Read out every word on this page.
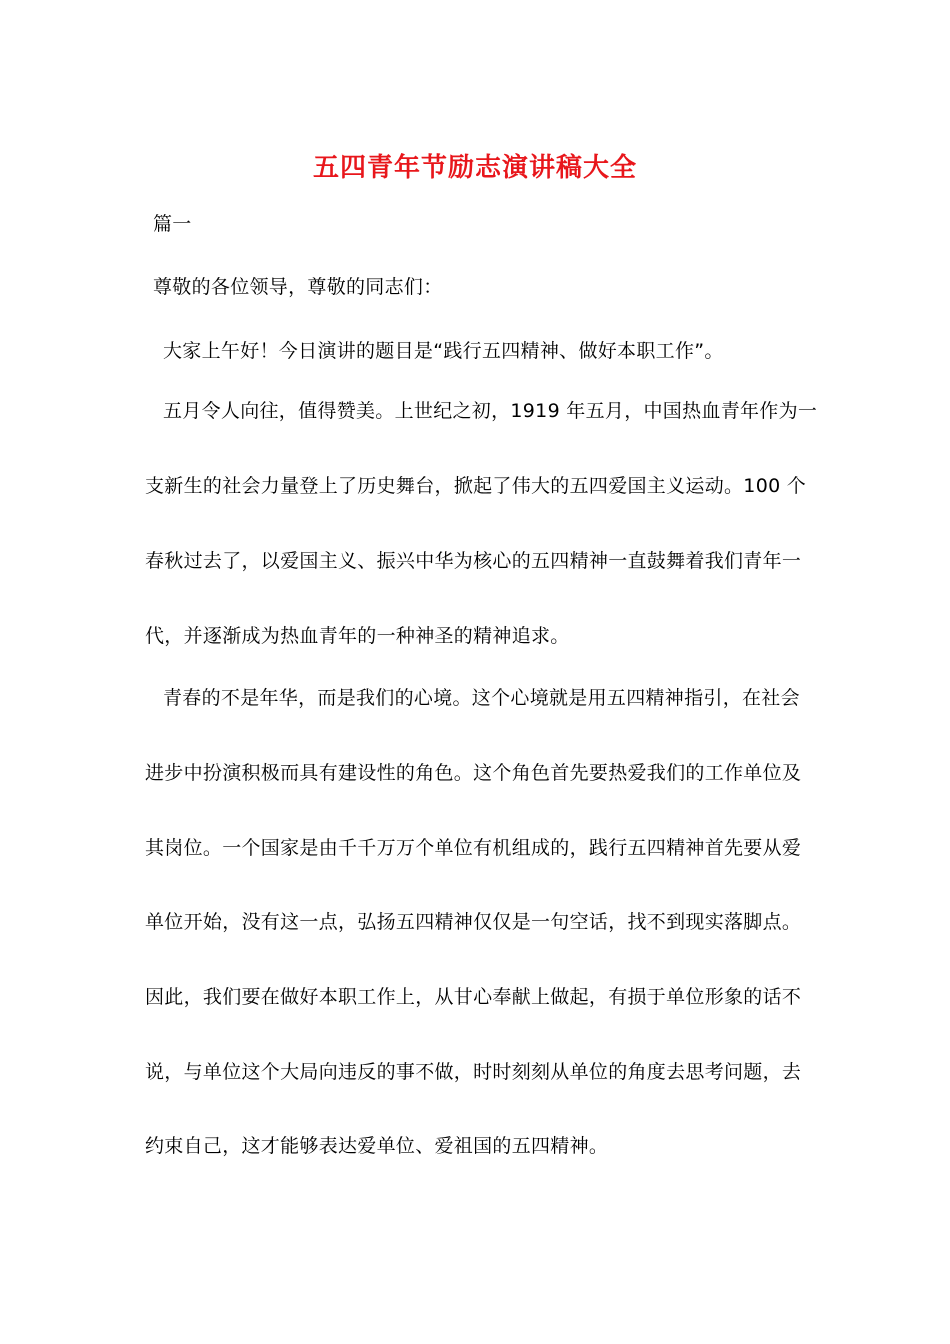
五四青年节励志演讲稿大全
篇一
尊敬的各位领导，尊敬的同志们：
大家上午好！今日演讲的题目是“践行五四精神、做好本职工作”。
五月令人向往，值得赞美。上世纪之初，1919 年五月，中国热血青年作为一
支新生的社会力量登上了历史舞台，掀起了伟大的五四爱国主义运动。100 个
春秋过去了，以爱国主义、振兴中华为核心的五四精神一直鼓舞着我们青年一
代，并逐渐成为热血青年的一种神圣的精神追求。
青春的不是年华，而是我们的心境。这个心境就是用五四精神指引，在社会
进步中扮演积极而具有建设性的角色。这个角色首先要热爱我们的工作单位及
其岗位。一个国家是由千千万万个单位有机组成的，践行五四精神首先要从爱
单位开始，没有这一点，弘扬五四精神仅仅是一句空话，找不到现实落脚点。
因此，我们要在做好本职工作上，从甘心奉献上做起，有损于单位形象的话不
说，与单位这个大局向违反的事不做，时时刻刻从单位的角度去思考问题，去
约束自己，这才能够表达爱单位、爱祖国的五四精神。
